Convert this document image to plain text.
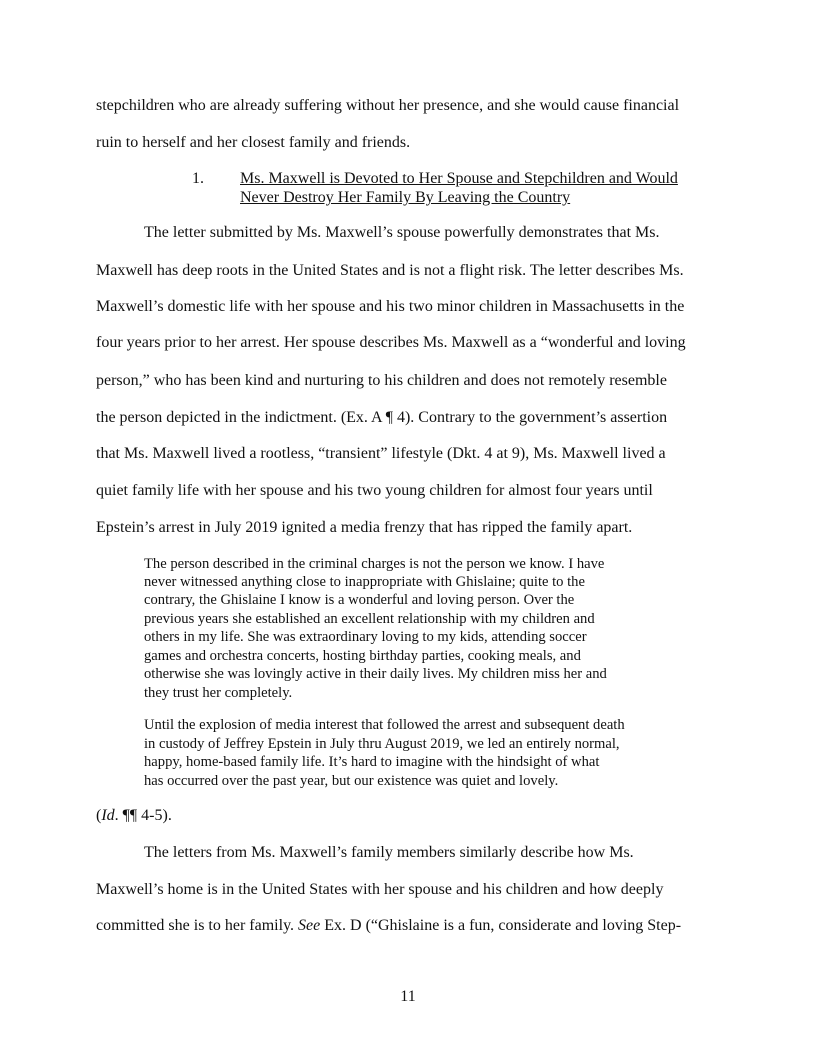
stepchildren who are already suffering without her presence, and she would cause financial
ruin to herself and her closest family and friends.
1. Ms. Maxwell is Devoted to Her Spouse and Stepchildren and Would
Never Destroy Her Family By Leaving the Country
The letter submitted by Ms. Maxwell’s spouse powerfully demonstrates that Ms.
Maxwell has deep roots in the United States and is not a flight risk. The letter describes Ms.
Maxwell’s domestic life with her spouse and his two minor children in Massachusetts in the
four years prior to her arrest. Her spouse describes Ms. Maxwell as a “wonderful and loving
person,” who has been kind and nurturing to his children and does not remotely resemble
the person depicted in the indictment. (Ex. A ¶ 4). Contrary to the government’s assertion
that Ms. Maxwell lived a rootless, “transient” lifestyle (Dkt. 4 at 9), Ms. Maxwell lived a
quiet family life with her spouse and his two young children for almost four years until
Epstein’s arrest in July 2019 ignited a media frenzy that has ripped the family apart.
The person described in the criminal charges is not the person we know. I have
never witnessed anything close to inappropriate with Ghislaine; quite to the
contrary, the Ghislaine I know is a wonderful and loving person. Over the
previous years she established an excellent relationship with my children and
others in my life. She was extraordinary loving to my kids, attending soccer
games and orchestra concerts, hosting birthday parties, cooking meals, and
otherwise she was lovingly active in their daily lives. My children miss her and
they trust her completely.
Until the explosion of media interest that followed the arrest and subsequent death
in custody of Jeffrey Epstein in July thru August 2019, we led an entirely normal,
happy, home-based family life. It’s hard to imagine with the hindsight of what
has occurred over the past year, but our existence was quiet and lovely.
(Id. ¶¶ 4-5).
The letters from Ms. Maxwell’s family members similarly describe how Ms.
Maxwell’s home is in the United States with her spouse and his children and how deeply
committed she is to her family. See Ex. D (“Ghislaine is a fun, considerate and loving Step-
11
